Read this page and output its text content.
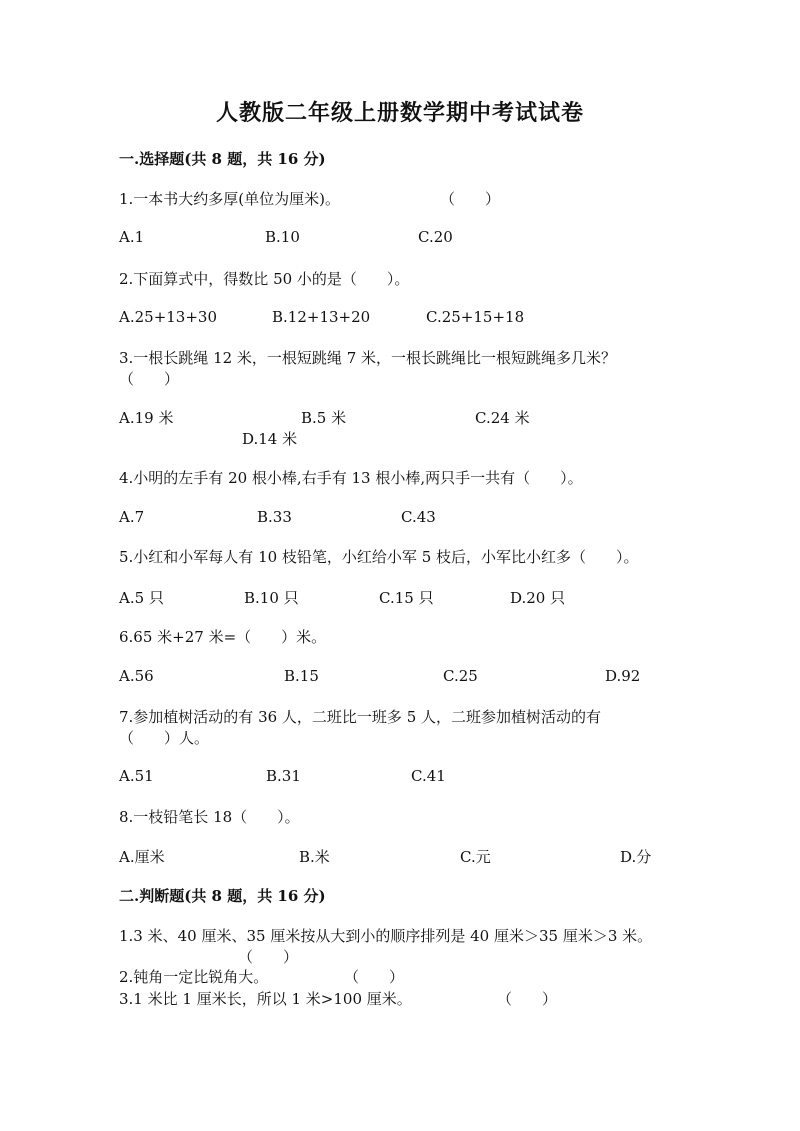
人教版二年级上册数学期中考试试卷
一.选择题(共 8 题，共 16 分)
1.一本书大约多厚(单位为厘米)。	（　　）
A.1	B.10	C.20
2.下面算式中，得数比 50 小的是（　　）。
A.25+13+30	B.12+13+20	C.25+15+18
3.一根长跳绳 12 米，一根短跳绳 7 米，一根长跳绳比一根短跳绳多几米？
（　　）
A.19 米	B.5 米	C.24 米
D.14 米
4.小明的左手有 20 根小棒,右手有 13 根小棒,两只手一共有（　　）。
A.7	B.33	C.43
5.小红和小军每人有 10 枝铅笔，小红给小军 5 枝后，小军比小红多（　　）。
A.5 只	B.10 只	C.15 只	D.20 只
6.65 米+27 米=（　　）米。
A.56	B.15	C.25	D.92
7.参加植树活动的有 36 人，二班比一班多 5 人，二班参加植树活动的有
（　　）人。
A.51	B.31	C.41
8.一枝铅笔长 18（　　）。
A.厘米	B.米	C.元	D.分
二.判断题(共 8 题，共 16 分)
1.3 米、40 厘米、35 厘米按从大到小的顺序排列是 40 厘米＞35 厘米＞3 米。
（　　）
2.钝角一定比锐角大。	（　　）
3.1 米比 1 厘米长，所以 1 米>100 厘米。	（　　）
